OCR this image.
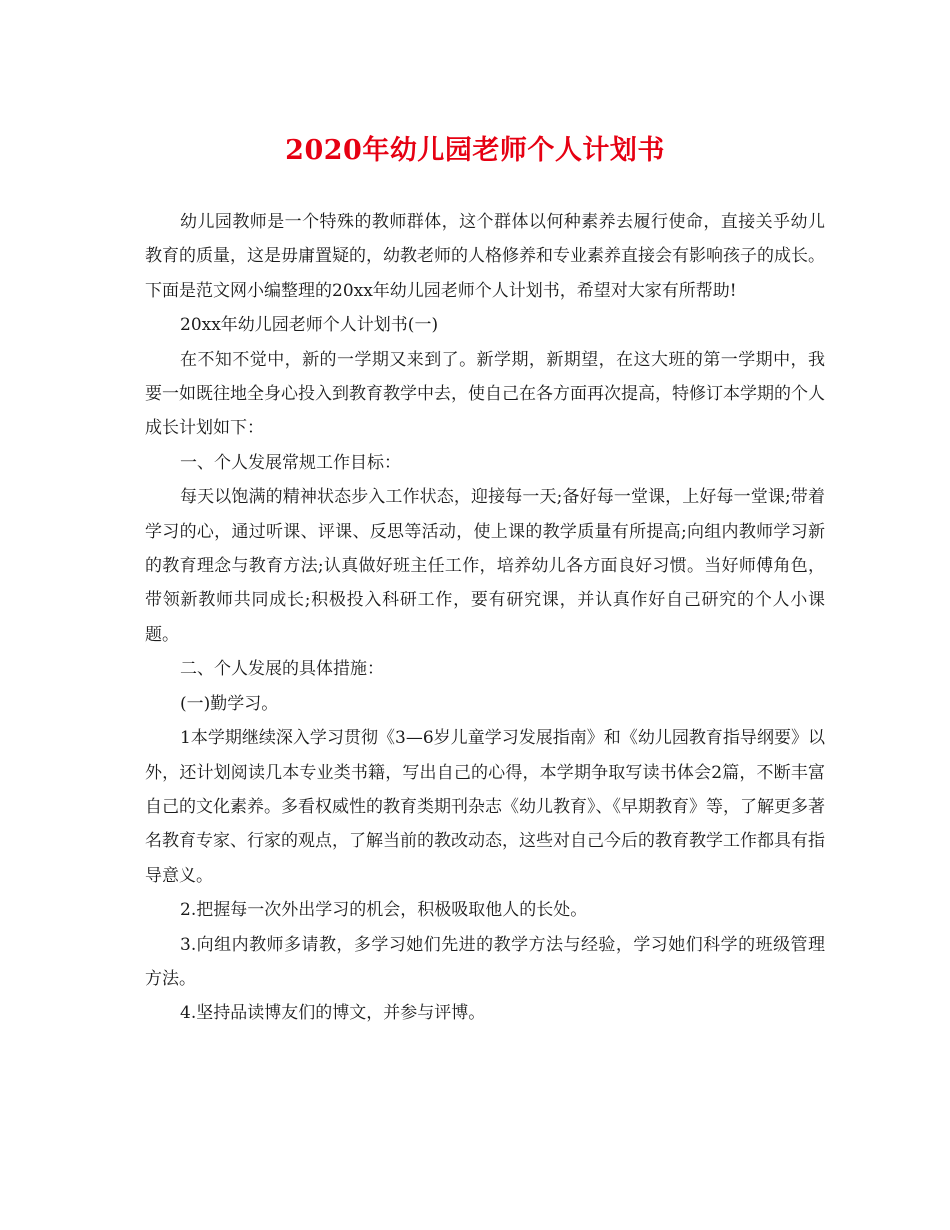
2020年幼儿园老师个人计划书

幼儿园教师是一个特殊的教师群体，这个群体以何种素养去履行使命，直接关乎幼儿教育的质量，这是毋庸置疑的，幼教老师的人格修养和专业素养直接会有影响孩子的成长。下面是范文网小编整理的20xx年幼儿园老师个人计划书，希望对大家有所帮助!

20xx年幼儿园老师个人计划书(一)

在不知不觉中，新的一学期又来到了。新学期，新期望，在这大班的第一学期中，我要一如既往地全身心投入到教育教学中去，使自己在各方面再次提高，特修订本学期的个人成长计划如下：

一、个人发展常规工作目标：

每天以饱满的精神状态步入工作状态，迎接每一天;备好每一堂课，上好每一堂课;带着学习的心，通过听课、评课、反思等活动，使上课的教学质量有所提高;向组内教师学习新的教育理念与教育方法;认真做好班主任工作，培养幼儿各方面良好习惯。当好师傅角色，带领新教师共同成长;积极投入科研工作，要有研究课，并认真作好自己研究的个人小课题。

二、个人发展的具体措施：

(一)勤学习。

1本学期继续深入学习贯彻《3—6岁儿童学习发展指南》和《幼儿园教育指导纲要》以外，还计划阅读几本专业类书籍，写出自己的心得，本学期争取写读书体会2篇，不断丰富自己的文化素养。多看权威性的教育类期刊杂志《幼儿教育》、《早期教育》等，了解更多著名教育专家、行家的观点，了解当前的教改动态，这些对自己今后的教育教学工作都具有指导意义。

2.把握每一次外出学习的机会，积极吸取他人的长处。

3.向组内教师多请教，多学习她们先进的教学方法与经验，学习她们科学的班级管理方法。

4.坚持品读博友们的博文，并参与评博。
